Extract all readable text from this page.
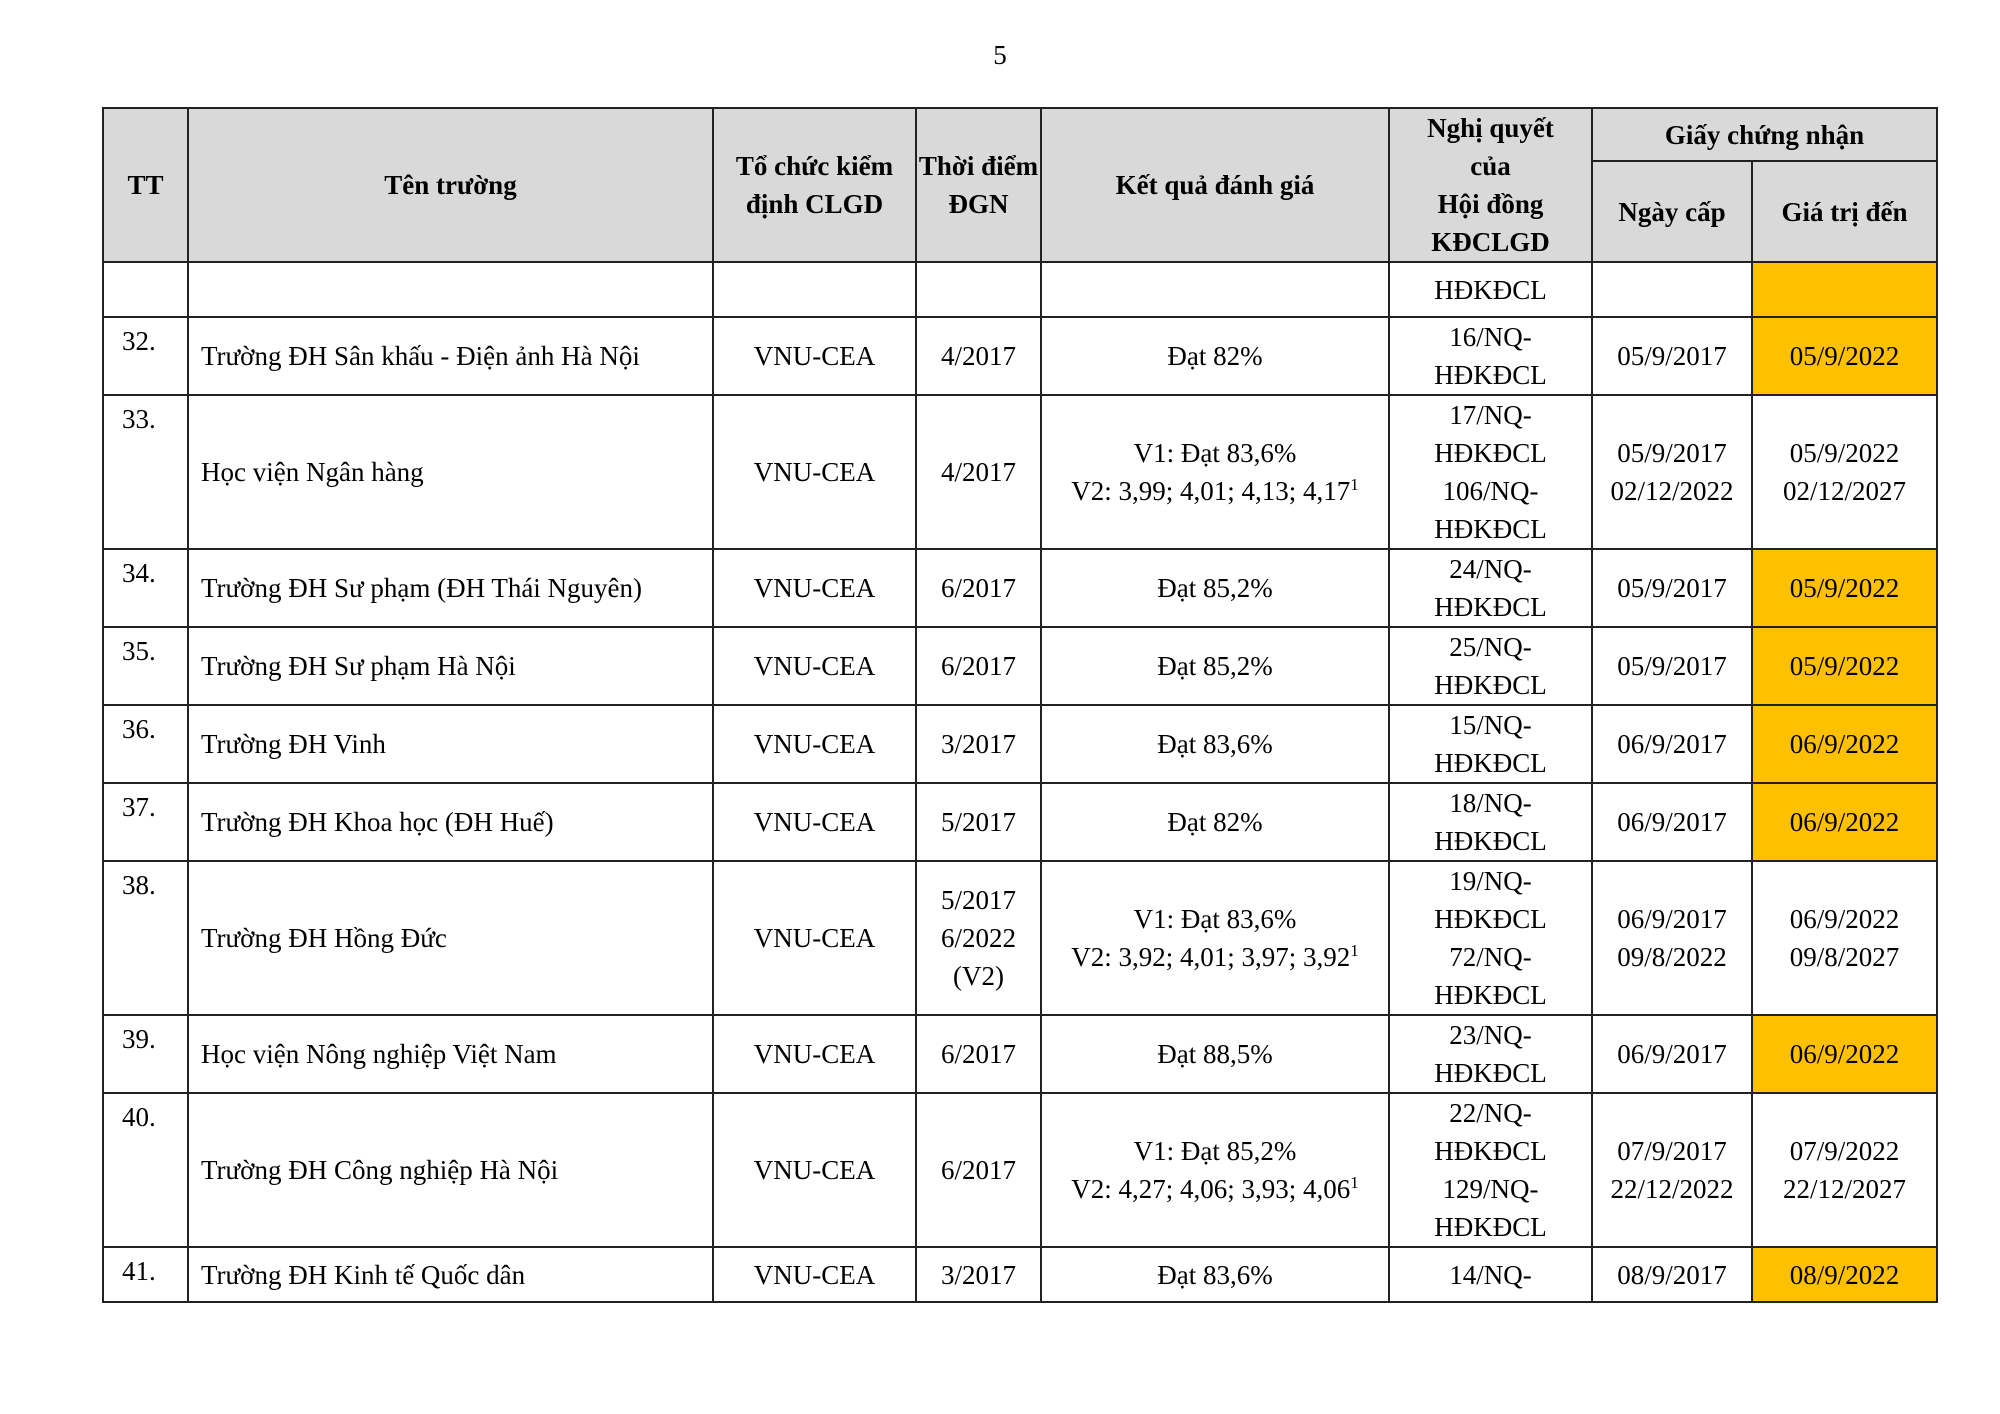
5
TT	Tên trường	Tổ chức kiểm định CLGD	Thời điểm ĐGN	Kết quả đánh giá	Nghị quyết
của
Hội đồng
KĐCLGD	Giấy chứng nhận	
						Ngày cấp	Giá trị đến
					HĐKĐCL		
32.	Trường ĐH Sân khấu - Điện ảnh Hà Nội	VNU-CEA	4/2017	Đạt 82%	16/NQ-
HĐKĐCL	05/9/2017	05/9/2022

33.	Học viện Ngân hàng	VNU-CEA	4/2017	V1: Đạt 83,6%
V2: 3,99; 4,01; 4,13; 4,17$^1$	17/NQ-
HĐKĐCL
106/NQ-
HĐKĐCL	05/9/2017
02/12/2022	05/9/2022
02/12/2027

34.	Trường ĐH Sư phạm (ĐH Thái Nguyên)	VNU-CEA	6/2017	Đạt 85,2%	24/NQ-
HĐKĐCL	05/9/2017	05/9/2022

35.	Trường ĐH Sư phạm Hà Nội	VNU-CEA	6/2017	Đạt 85,2%	25/NQ-
HĐKĐCL	05/9/2017	05/9/2022

36.	Trường ĐH Vinh	VNU-CEA	3/2017	Đạt 83,6%	15/NQ-
HĐKĐCL	06/9/2017	06/9/2022

37.	Trường ĐH Khoa học (ĐH Huế)	VNU-CEA	5/2017	Đạt 82%	18/NQ-
HĐKĐCL	06/9/2017	06/9/2022

38.	Trường ĐH Hồng Đức	VNU-CEA	5/2017
6/2022
(V2)	V1: Đạt 83,6%
V2: 3,92; 4,01; 3,97; 3,92$^1$	19/NQ-
HĐKĐCL
72/NQ-
HĐKĐCL	06/9/2017
09/8/2022	06/9/2022
09/8/2027

39.	Học viện Nông nghiệp Việt Nam	VNU-CEA	6/2017	Đạt 88,5%	23/NQ-
HĐKĐCL	06/9/2017	06/9/2022

40.	Trường ĐH Công nghiệp Hà Nội	VNU-CEA	6/2017	V1: Đạt 85,2%
V2: 4,27; 4,06; 3,93; 4,06$^1$	22/NQ-
HĐKĐCL
129/NQ-
HĐKĐCL	07/9/2017
22/12/2022	07/9/2022
22/12/2027

41.	Trường ĐH Kinh tế Quốc dân	VNU-CEA	3/2017	Đạt 83,6%	14/NQ-	08/9/2017	08/9/2022
